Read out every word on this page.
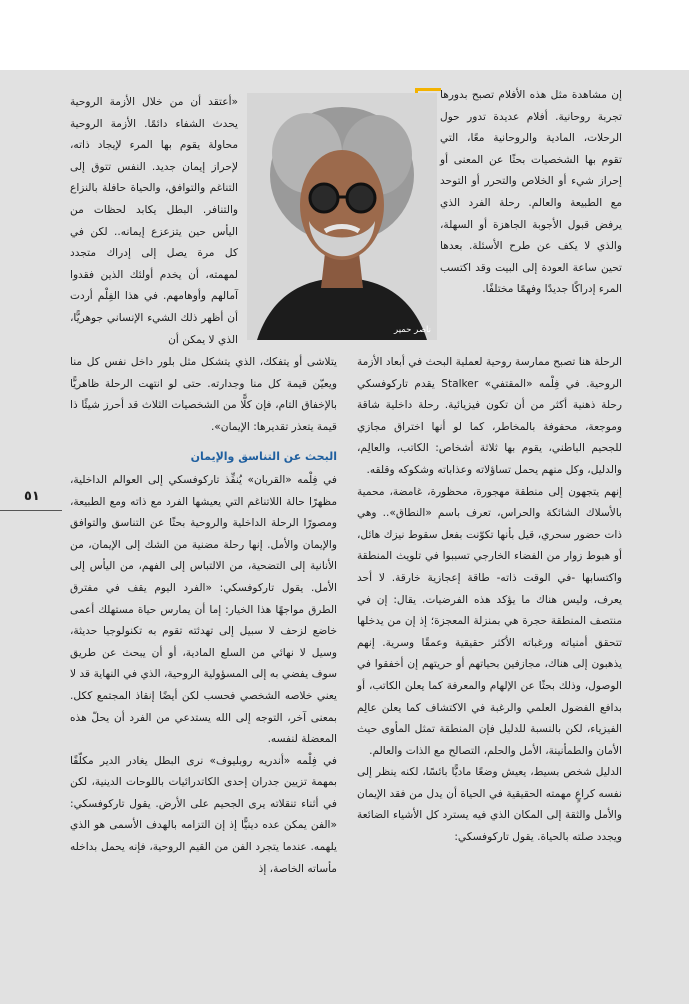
إن مشاهدة مثل هذه الأفلام تصبح بدورها تجربة روحانية. أفلام عديدة تدور حول الرحلات، المادية والروحانية معًا، التي تقوم بها الشخصيات بحثًا عن المعنى أو إحراز شيء أو الخلاص والتحرر أو التوحد مع الطبيعة والعالم. رحلة الفرد الذي يرفض قبول الأجوبة الجاهزة أو السهلة، والذي لا يكف عن طرح الأسئلة. بعدها تحين ساعة العودة إلى البيت وقد اكتسب المرء إدراكًا جديدًا وفهمًا مختلفًا.

ناصر حمير

«أعتقد أن من خلال الأزمة الروحية يحدث الشفاء دائمًا. الأزمة الروحية محاولة يقوم بها المرء لإيجاد ذاته، لإحراز إيمان جديد. النفس تتوق إلى التناغم والتوافق، والحياة حافلة بالنزاع والتنافر. البطل يكابد لحظات من اليأس حين يتزعزع إيمانه.. لكن في كل مرة يصل إلى إدراك متجدد لمهمته، أن يخدم أولئك الذين فقدوا آمالهم وأوهامهم. في هذا الفِلْم أردت أن أظهر ذلك الشيء الإنساني جوهريًّا، الذي لا يمكن أن

الرحلة هنا تصبح ممارسة روحية لعملية البحث في أبعاد الأزمة الروحية. في فِلْمه «المقتفي» Stalker يقدم تاركوفسكي رحلة ذهنية أكثر من أن تكون فيزيائية. رحلة داخلية شاقة وموجعة، محفوفة بالمخاطر، كما لو أنها اختراق مجازي للجحيم الباطني، يقوم بها ثلاثة أشخاص: الكاتب، والعالِم، والدليل، وكل منهم يحمل تساؤلاته وعذاباته وشكوكه وقلقه.

إنهم يتجهون إلى منطقة مهجورة، محظورة، غامضة، محمية بالأسلاك الشائكة والحراس، تعرف باسم «النطاق».. وهي ذات حضور سحري، قيل بأنها تكوّنت بفعل سقوط نيزك هائل، أو هبوط زوار من الفضاء الخارجي تسببوا في تلويث المنطقة واكتسابها -في الوقت ذاته- طاقة إعجازية خارقة. لا أحد يعرف، وليس هناك ما يؤكد هذه الفرضيات. يقال: إن في منتصف المنطقة حجرة هي بمنزلة المعجزة؛ إذ إن من يدخلها تتحقق أمنياته ورغباته الأكثر حقيقية وعمقًا وسرية. إنهم يذهبون إلى هناك، مجازفين بحياتهم أو حريتهم إن أخفقوا في الوصول، وذلك بحثًا عن الإلهام والمعرفة كما يعلن الكاتب، أو بدافع الفضول العلمي والرغبة في الاكتشاف كما يعلن عالِم الفيزياء، لكن بالنسبة للدليل فإن المنطقة تمثل المأوى حيث الأمان والطمأنينة، الأمل والحلم، التصالح مع الذات والعالم.

الدليل شخص بسيط، يعيش وضعًا ماديًّا بائسًا، لكنه ينظر إلى نفسه كراعٍ مهمته الحقيقية في الحياة أن يدل من فقد الإيمان والأمل والثقة إلى المكان الذي فيه يسترد كل الأشياء الضائعة ويجدد صلته بالحياة. يقول تاركوفسكي:

يتلاشى أو يتفكك، الذي يتشكل مثل بلور داخل نفس كل منا ويعيّن قيمة كل منا وجدارته. حتى لو انتهت الرحلة ظاهريًّا بالإخفاق التام، فإن كلًّا من الشخصيات الثلاث قد أحرز شيئًا ذا قيمة يتعذر تقديرها: الإيمان».

البحث عن التناسق والإيمان

في فِلْمه «القربان» يُنفِّذ تاركوفسكي إلى العوالم الداخلية، مظهرًا حالة اللاتناغم التي يعيشها الفرد مع ذاته ومع الطبيعة، ومصورًا الرحلة الداخلية والروحية بحثًا عن التناسق والتوافق والإيمان والأمل. إنها رحلة مضنية من الشك إلى الإيمان، من الأنانية إلى التضحية، من الالتباس إلى الفهم، من اليأس إلى الأمل. يقول تاركوفسكي: «الفرد اليوم يقف في مفترق الطرق مواجهًا هذا الخيار: إما أن يمارس حياة مستهلك أعمى خاضع لزحف لا سبيل إلى تهدئته تقوم به تكنولوجيا حديثة، وسيل لا نهائي من السلع المادية، أو أن يبحث عن طريق سوف يفضي به إلى المسؤولية الروحية، الذي في النهاية قد لا يعني خلاصه الشخصي فحسب لكن أيضًا إنقاذ المجتمع ككل. بمعنى آخر، التوجه إلى الله يستدعي من الفرد أن يحلّ هذه المعضلة لنفسه.

في فِلْمه «أندريه روبليوف» نرى البطل يغادر الدير مكلّفًا بمهمة تزيين جدران إحدى الكاتدرائيات باللوحات الدينية، لكن في أثناء تنقلاته يرى الجحيم على الأرض. يقول تاركوفسكي: «الفن يمكن عده دينيًّا إذ إن التزامه بالهدف الأسمى هو الذي يلهمه. عندما يتجرد الفن من القيم الروحية، فإنه يحمل بداخله مأساته الخاصة، إذ

٥١
